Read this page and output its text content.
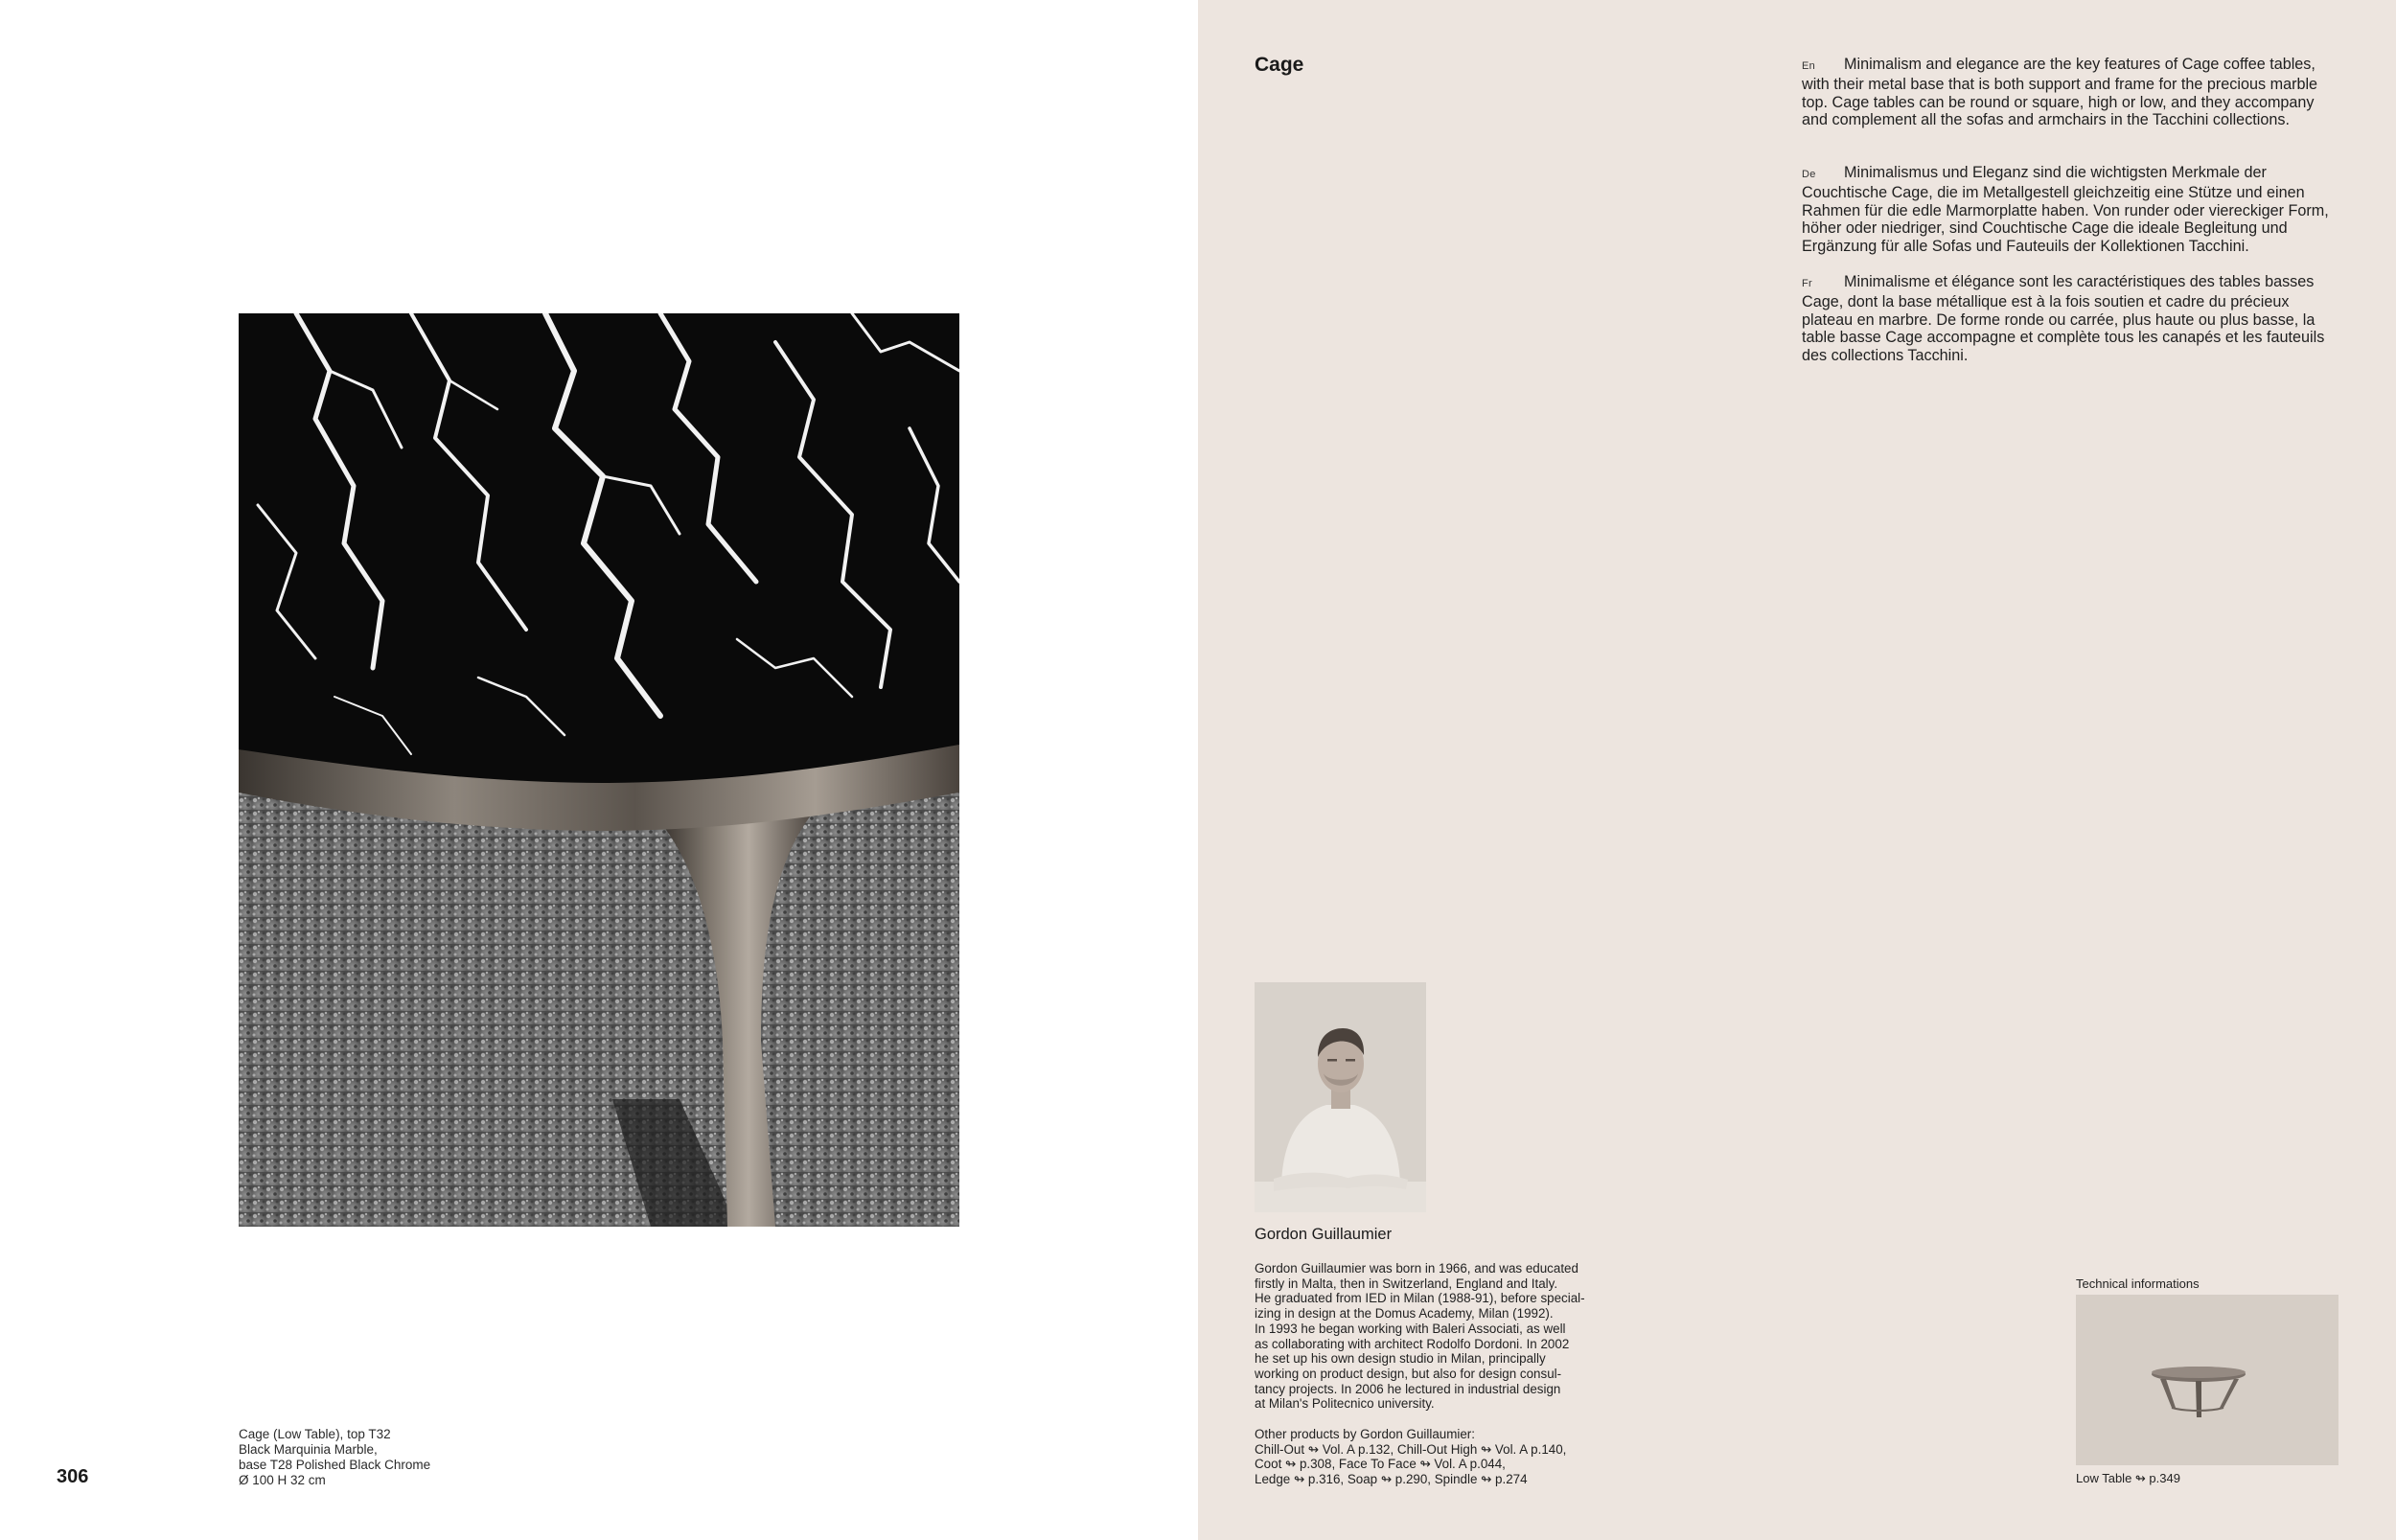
Cage (Low Table), top T32
Black Marquinia Marble,
base T28 Polished Black Chrome
Ø 100 H 32 cm
306
Cage	En Minimalism and elegance are the key features of Cage coffee tables, with their metal base that is both support and frame for the precious marble top. Cage tables can be round or square, high or low, and they accompany and complement all the sofas and armchairs in the Tacchini collections.
De Minimalismus und Eleganz sind die wichtigsten Merkmale der Couchtische Cage, die im Metallgestell gleichzeitig eine Stütze und einen Rahmen für die edle Marmorplatte haben. Von runder oder viereckiger Form, höher oder niedriger, sind Couchtische Cage die ideale Begleitung und Ergänzung für alle Sofas und Fauteuils der Kollektionen Tacchini.
Fr Minimalisme et élégance sont les caractéristiques des tables basses Cage, dont la base métallique est à la fois soutien et cadre du précieux plateau en marbre. De forme ronde ou carrée, plus haute ou plus basse, la table basse Cage accompagne et complète tous les canapés et les fauteuils des collections Tacchini.
Gordon Guillaumier
Gordon Guillaumier was born in 1966, and was educated
firstly in Malta, then in Switzerland, England and Italy.
He graduated from IED in Milan (1988-91), before special-
izing in design at the Domus Academy, Milan (1992).
In 1993 he began working with Baleri Associati, as well
as collaborating with architect Rodolfo Dordoni. In 2002
he set up his own design studio in Milan, principally
working on product design, but also for design consul-
tancy projects. In 2006 he lectured in industrial design
at Milan's Politecnico university.
Other products by Gordon Guillaumier:
Chill-Out ↬ Vol. A p.132, Chill-Out High ↬ Vol. A p.140,
Coot ↬ p.308, Face To Face ↬ Vol. A p.044,
Ledge ↬ p.316, Soap ↬ p.290, Spindle ↬ p.274
Technical informations
Low Table ↬ p.349
